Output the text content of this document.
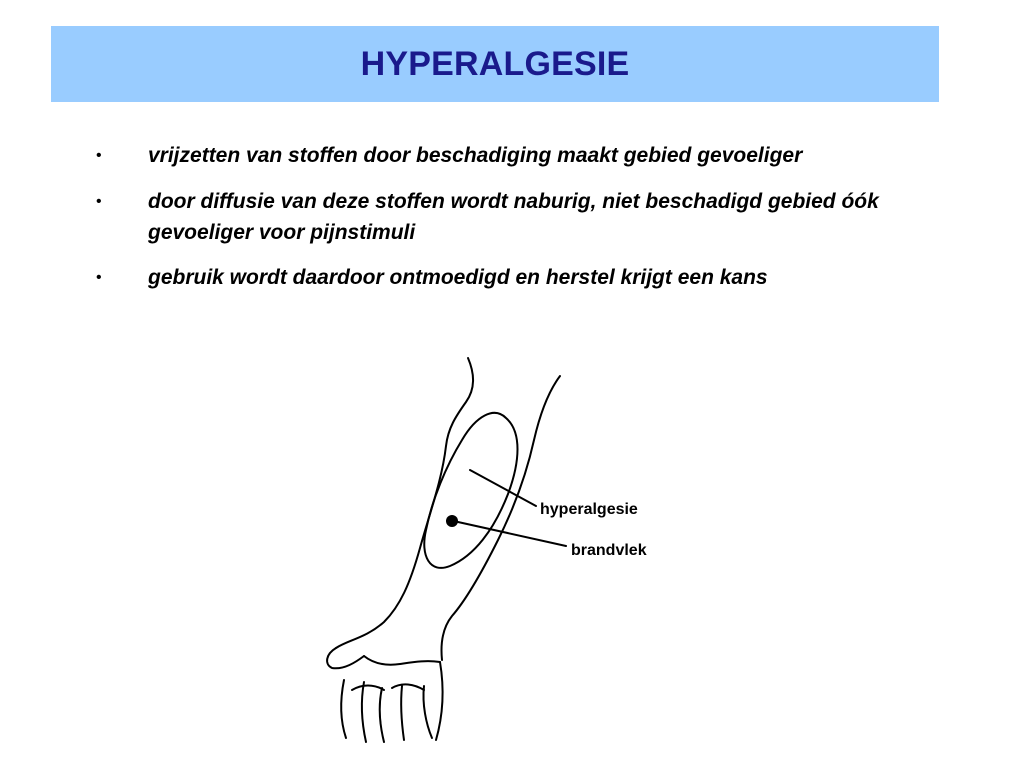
HYPERALGESIE
•	vrijzetten van stoffen door beschadiging maakt gebied gevoeliger
•	door diffusie van deze stoffen wordt naburig, niet beschadigd gebied óók gevoeliger voor pijnstimuli
•	gebruik wordt daardoor ontmoedigd en herstel krijgt een kans
hyperalgesie
brandvlek
